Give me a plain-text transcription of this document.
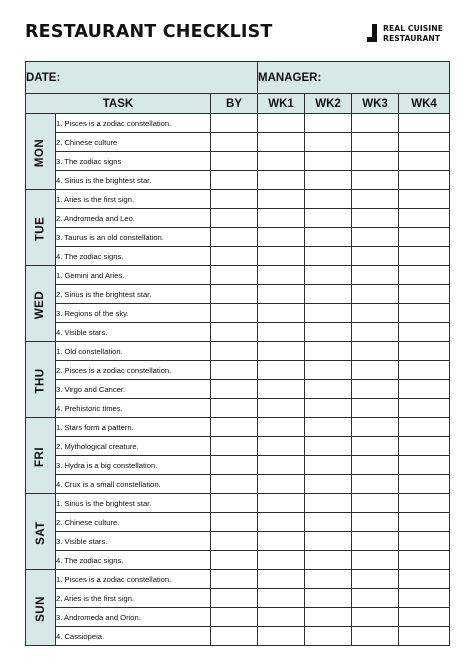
RESTAURANT CHECKLIST	REAL CUISINE
RESTAURANT
DATE:			MANAGER:			
TASK		BY	WK1	WK2	WK3	WK4
MON	1. Pisces is a zodiac constellation.					
	2. Chinese culture					
	3. The zodiac signs					
	4. Sirius is the brightest star.					
TUE	1. Aries is the first sign.					
	2. Andromeda and Leo.					
	3. Taurus is an old constellation.					
	4. The zodiac signs.					
WED	1. Gemini and Aries.					
	2. Sirius is the brightest star.					
	3. Regions of the sky.					
	4. Visible stars.					
THU	1. Old constellation.					
	2. Pisces is a zodiac constellation.					
	3. Virgo and Cancer.					
	4. Prehistoric times.					
FRI	1. Stars form a pattern.					
	2. Mythological creature.					
	3. Hydra is a big constellation.					
	4. Crux is a small constellation.					
SAT	1. Sirius is the brightest star.					
	2. Chinese culture.					
	3. Visible stars.					
	4. The zodiac signs.					
SUN	1. Pisces is a zodiac constellation.					
	2. Aries is the first sign.					
	3. Andromeda and Orion.					
	4. Cassiopeia.					
